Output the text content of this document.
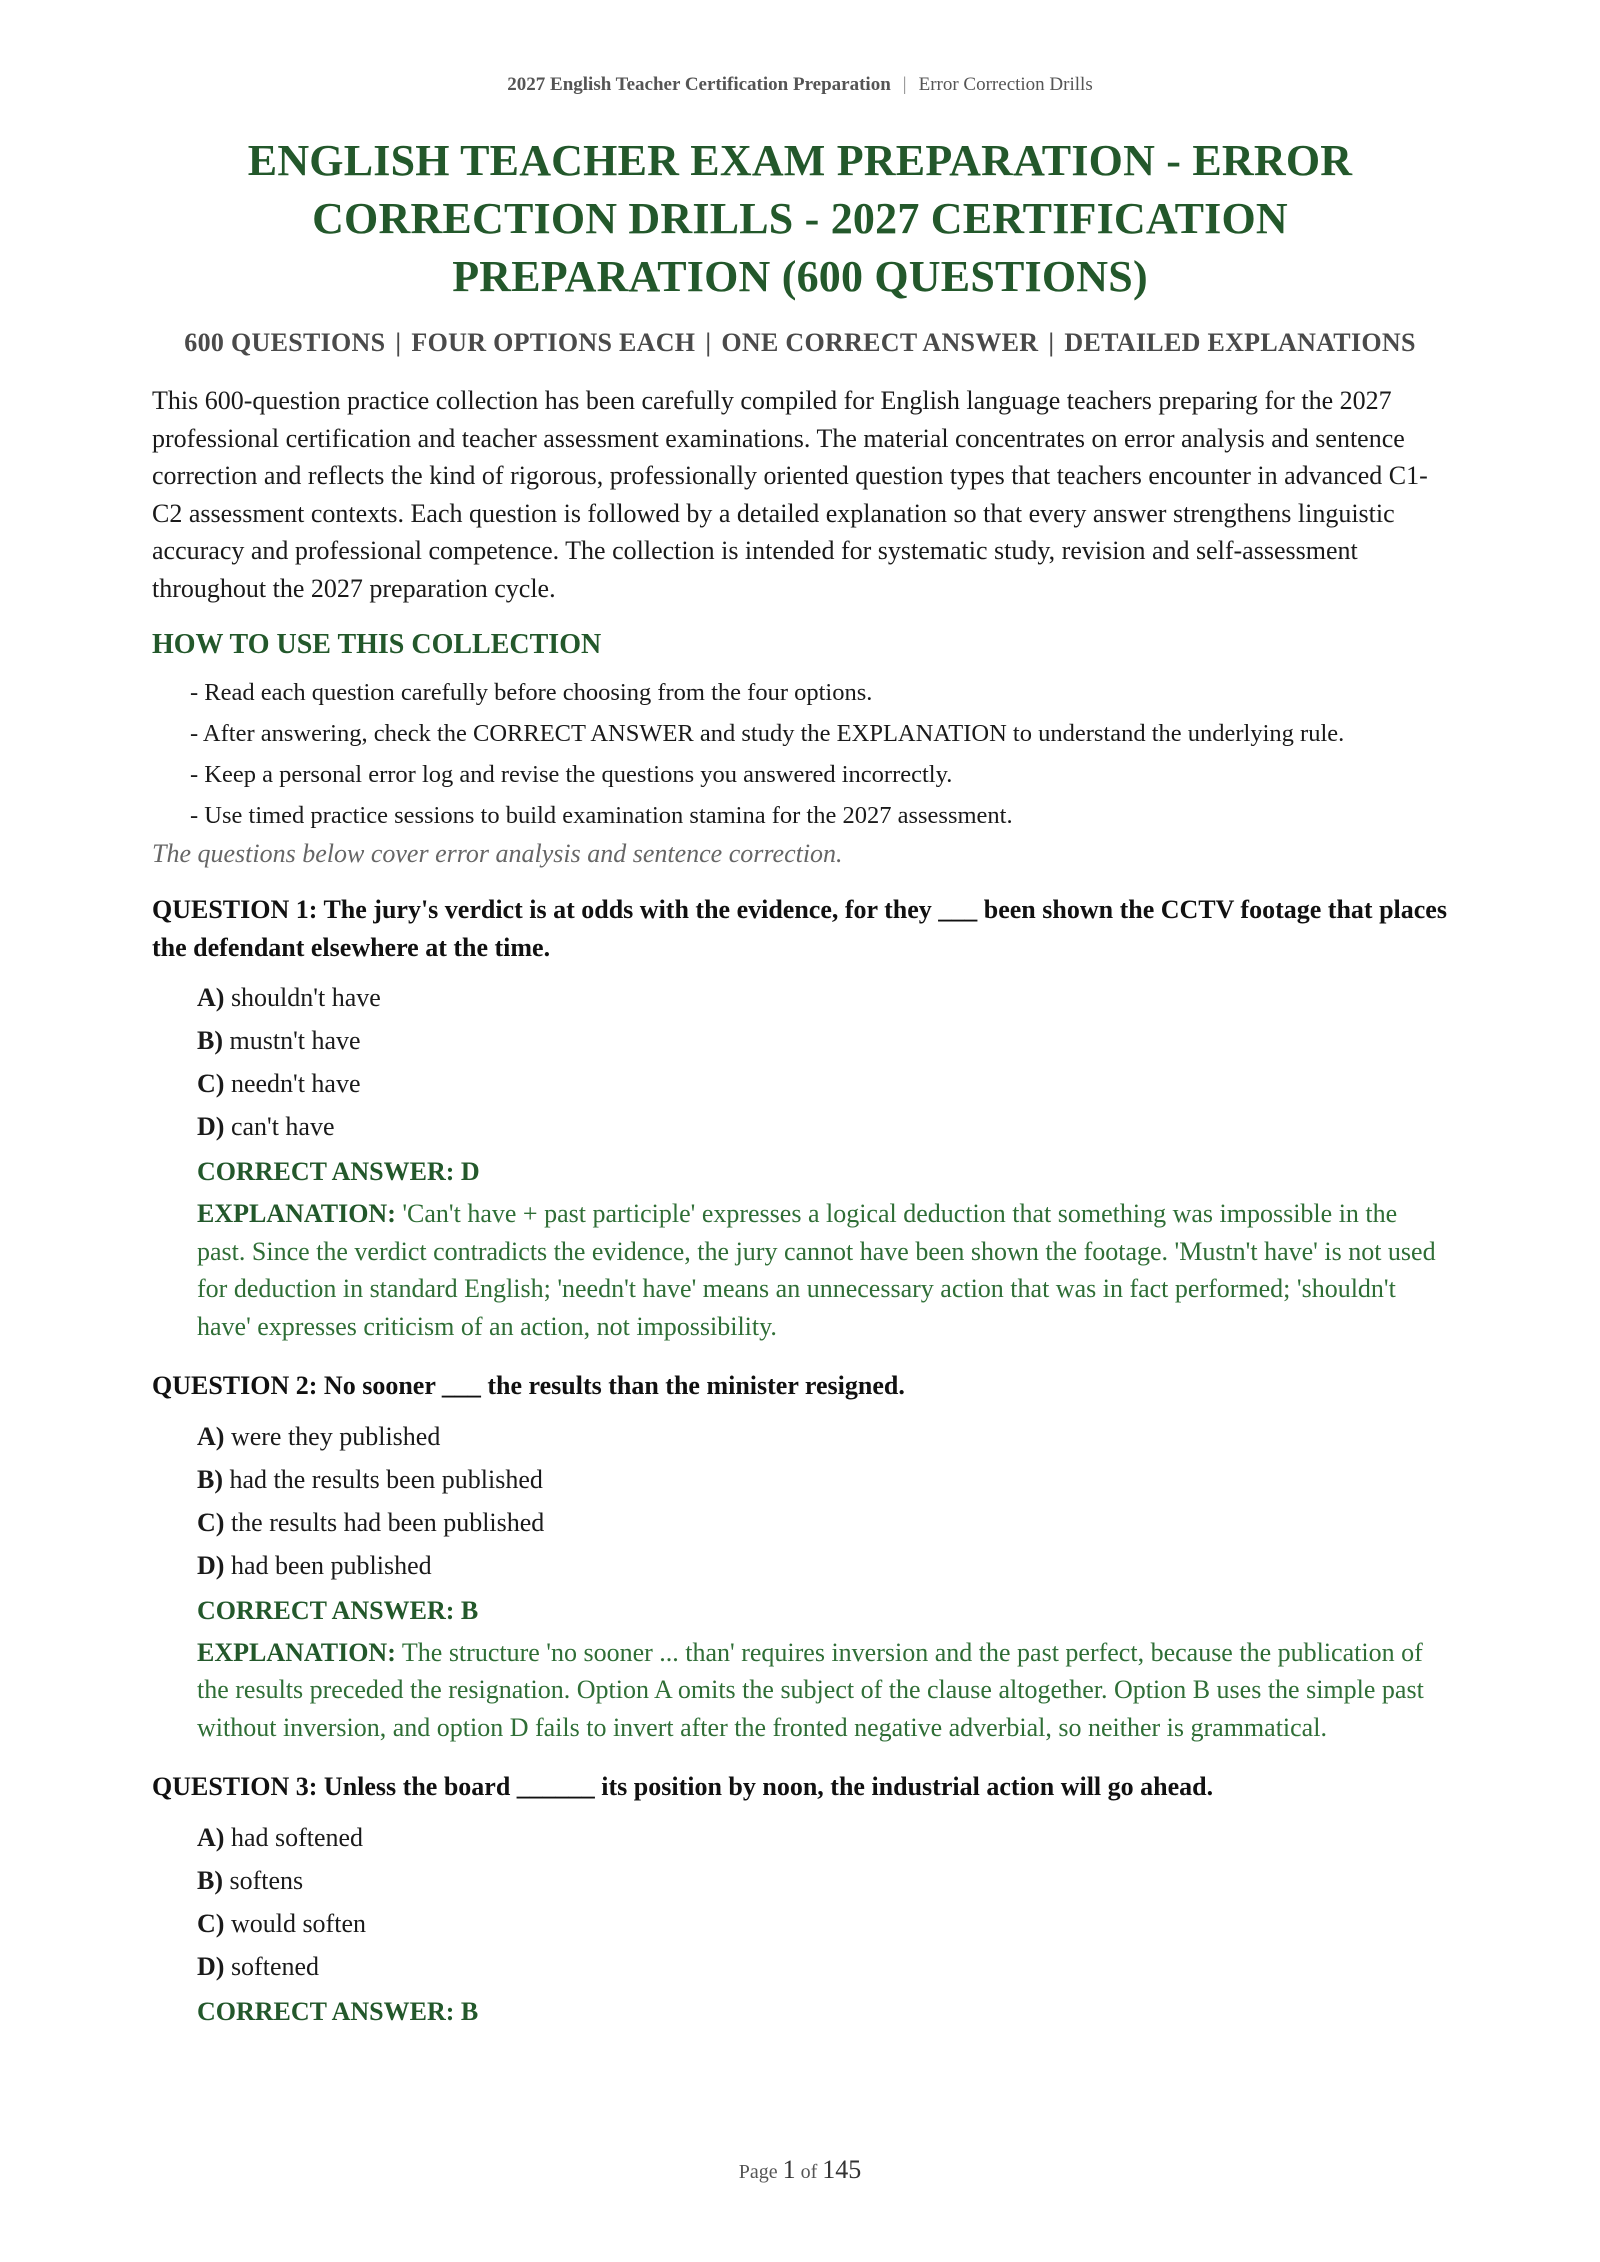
2027 English Teacher Certification Preparation | Error Correction Drills
ENGLISH TEACHER EXAM PREPARATION - ERROR CORRECTION DRILLS - 2027 CERTIFICATION PREPARATION (600 QUESTIONS)
600 QUESTIONS | FOUR OPTIONS EACH | ONE CORRECT ANSWER | DETAILED EXPLANATIONS

This 600-question practice collection has been carefully compiled for English language teachers preparing for the 2027 professional certification and teacher assessment examinations. The material concentrates on error analysis and sentence correction and reflects the kind of rigorous, professionally oriented question types that teachers encounter in advanced C1-C2 assessment contexts. Each question is followed by a detailed explanation so that every answer strengthens linguistic accuracy and professional competence. The collection is intended for systematic study, revision and self-assessment throughout the 2027 preparation cycle.

HOW TO USE THIS COLLECTION
- Read each question carefully before choosing from the four options.
- After answering, check the CORRECT ANSWER and study the EXPLANATION to understand the underlying rule.
- Keep a personal error log and revise the questions you answered incorrectly.
- Use timed practice sessions to build examination stamina for the 2027 assessment.
The questions below cover error analysis and sentence correction.
QUESTION 1: The jury's verdict is at odds with the evidence, for they ___ been shown the CCTV footage that places the defendant elsewhere at the time.
A) shouldn't have
B) mustn't have
C) needn't have
D) can't have
CORRECT ANSWER: D
EXPLANATION: 'Can't have + past participle' expresses a logical deduction that something was impossible in the past. Since the verdict contradicts the evidence, the jury cannot have been shown the footage. 'Mustn't have' is not used for deduction in standard English; 'needn't have' means an unnecessary action that was in fact performed; 'shouldn't have' expresses criticism of an action, not impossibility.
QUESTION 2: No sooner ___ the results than the minister resigned.
A) were they published
B) had the results been published
C) the results had been published
D) had been published
CORRECT ANSWER: B
EXPLANATION: The structure 'no sooner ... than' requires inversion and the past perfect, because the publication of the results preceded the resignation. Option A omits the subject of the clause altogether. Option B uses the simple past without inversion, and option D fails to invert after the fronted negative adverbial, so neither is grammatical.
QUESTION 3: Unless the board ______ its position by noon, the industrial action will go ahead.
A) had softened
B) softens
C) would soften
D) softened
CORRECT ANSWER: B
Page 1 of 145
